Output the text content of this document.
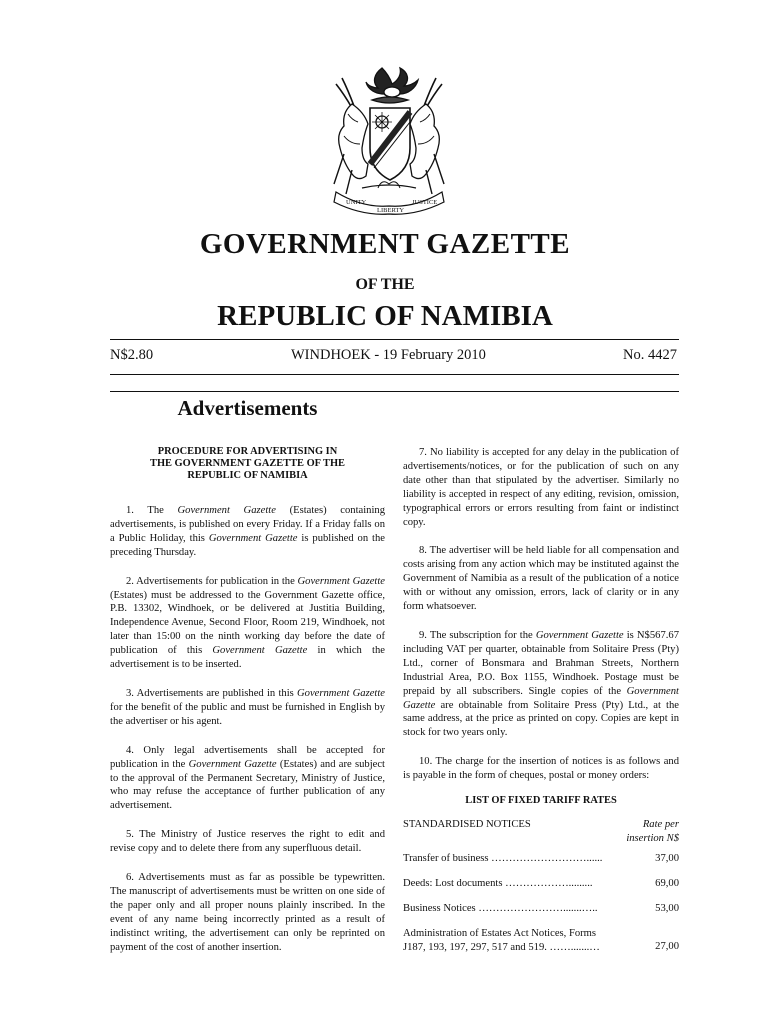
UNITY
LIBERTY
JUSTICE
GOVERNMENT GAZETTE
OF THE
REPUBLIC OF NAMIBIA
N$2.80	WINDHOEK - 19 February 2010	No. 4427
Advertisements
PROCEDURE FOR ADVERTISING IN
THE GOVERNMENT GAZETTE OF THE
REPUBLIC OF NAMIBIA

1. The Government Gazette (Estates) containing advertisements, is published on every Friday. If a Friday falls on a Public Holiday, this Government Gazette is published on the preceding Thursday.

2. Advertisements for publication in the Government Gazette (Estates) must be addressed to the Government Gazette office, P.B. 13302, Windhoek, or be delivered at Justitia Building, Independence Avenue, Second Floor, Room 219, Windhoek, not later than 15:00 on the ninth working day before the date of publication of this Government Gazette in which the advertisement is to be inserted.

3. Advertisements are published in this Government Gazette for the benefit of the public and must be furnished in English by the advertiser or his agent.

4. Only legal advertisements shall be accepted for publication in the Government Gazette (Estates) and are subject to the approval of the Permanent Secretary, Ministry of Justice, who may refuse the acceptance of further publication of any advertisement.

5. The Ministry of Justice reserves the right to edit and revise copy and to delete there from any superfluous detail.

6. Advertisements must as far as possible be typewritten. The manuscript of advertisements must be written on one side of the paper only and all proper nouns plainly inscribed. In the event of any name being incorrectly printed as a result of indistinct writing, the advertisement can only be reprinted on payment of the cost of another insertion.

7. No liability is accepted for any delay in the publication of advertisements/notices, or for the publication of such on any date other than that stipulated by the advertiser. Similarly no liability is accepted in respect of any editing, revision, omission, typographical errors or errors resulting from faint or indistinct copy.

8. The advertiser will be held liable for all compensation and costs arising from any action which may be instituted against the Government of Namibia as a result of the publication of a notice with or without any omission, errors, lack of clarity or in any form whatsoever.

9. The subscription for the Government Gazette is N$567.67 including VAT per quarter, obtainable from Solitaire Press (Pty) Ltd., corner of Bonsmara and Brahman Streets, Northern Industrial Area, P.O. Box 1155, Windhoek. Postage must be prepaid by all subscribers. Single copies of the Government Gazette are obtainable from Solitaire Press (Pty) Ltd., at the same address, at the price as printed on copy. Copies are kept in stock for two years only.

10. The charge for the insertion of notices is as follows and is payable in the form of cheques, postal or money orders:

LIST OF FIXED TARIFF RATES
STANDARDISED NOTICES	Rate per
insertion N$
Transfer of business ………………………......	37,00
Deeds: Lost documents ……………….........	69,00
Business Notices …………………….......…..	53,00
Administration of Estates Act Notices, Forms
J187, 193, 197, 297, 517 and 519. …….......…	27,00
